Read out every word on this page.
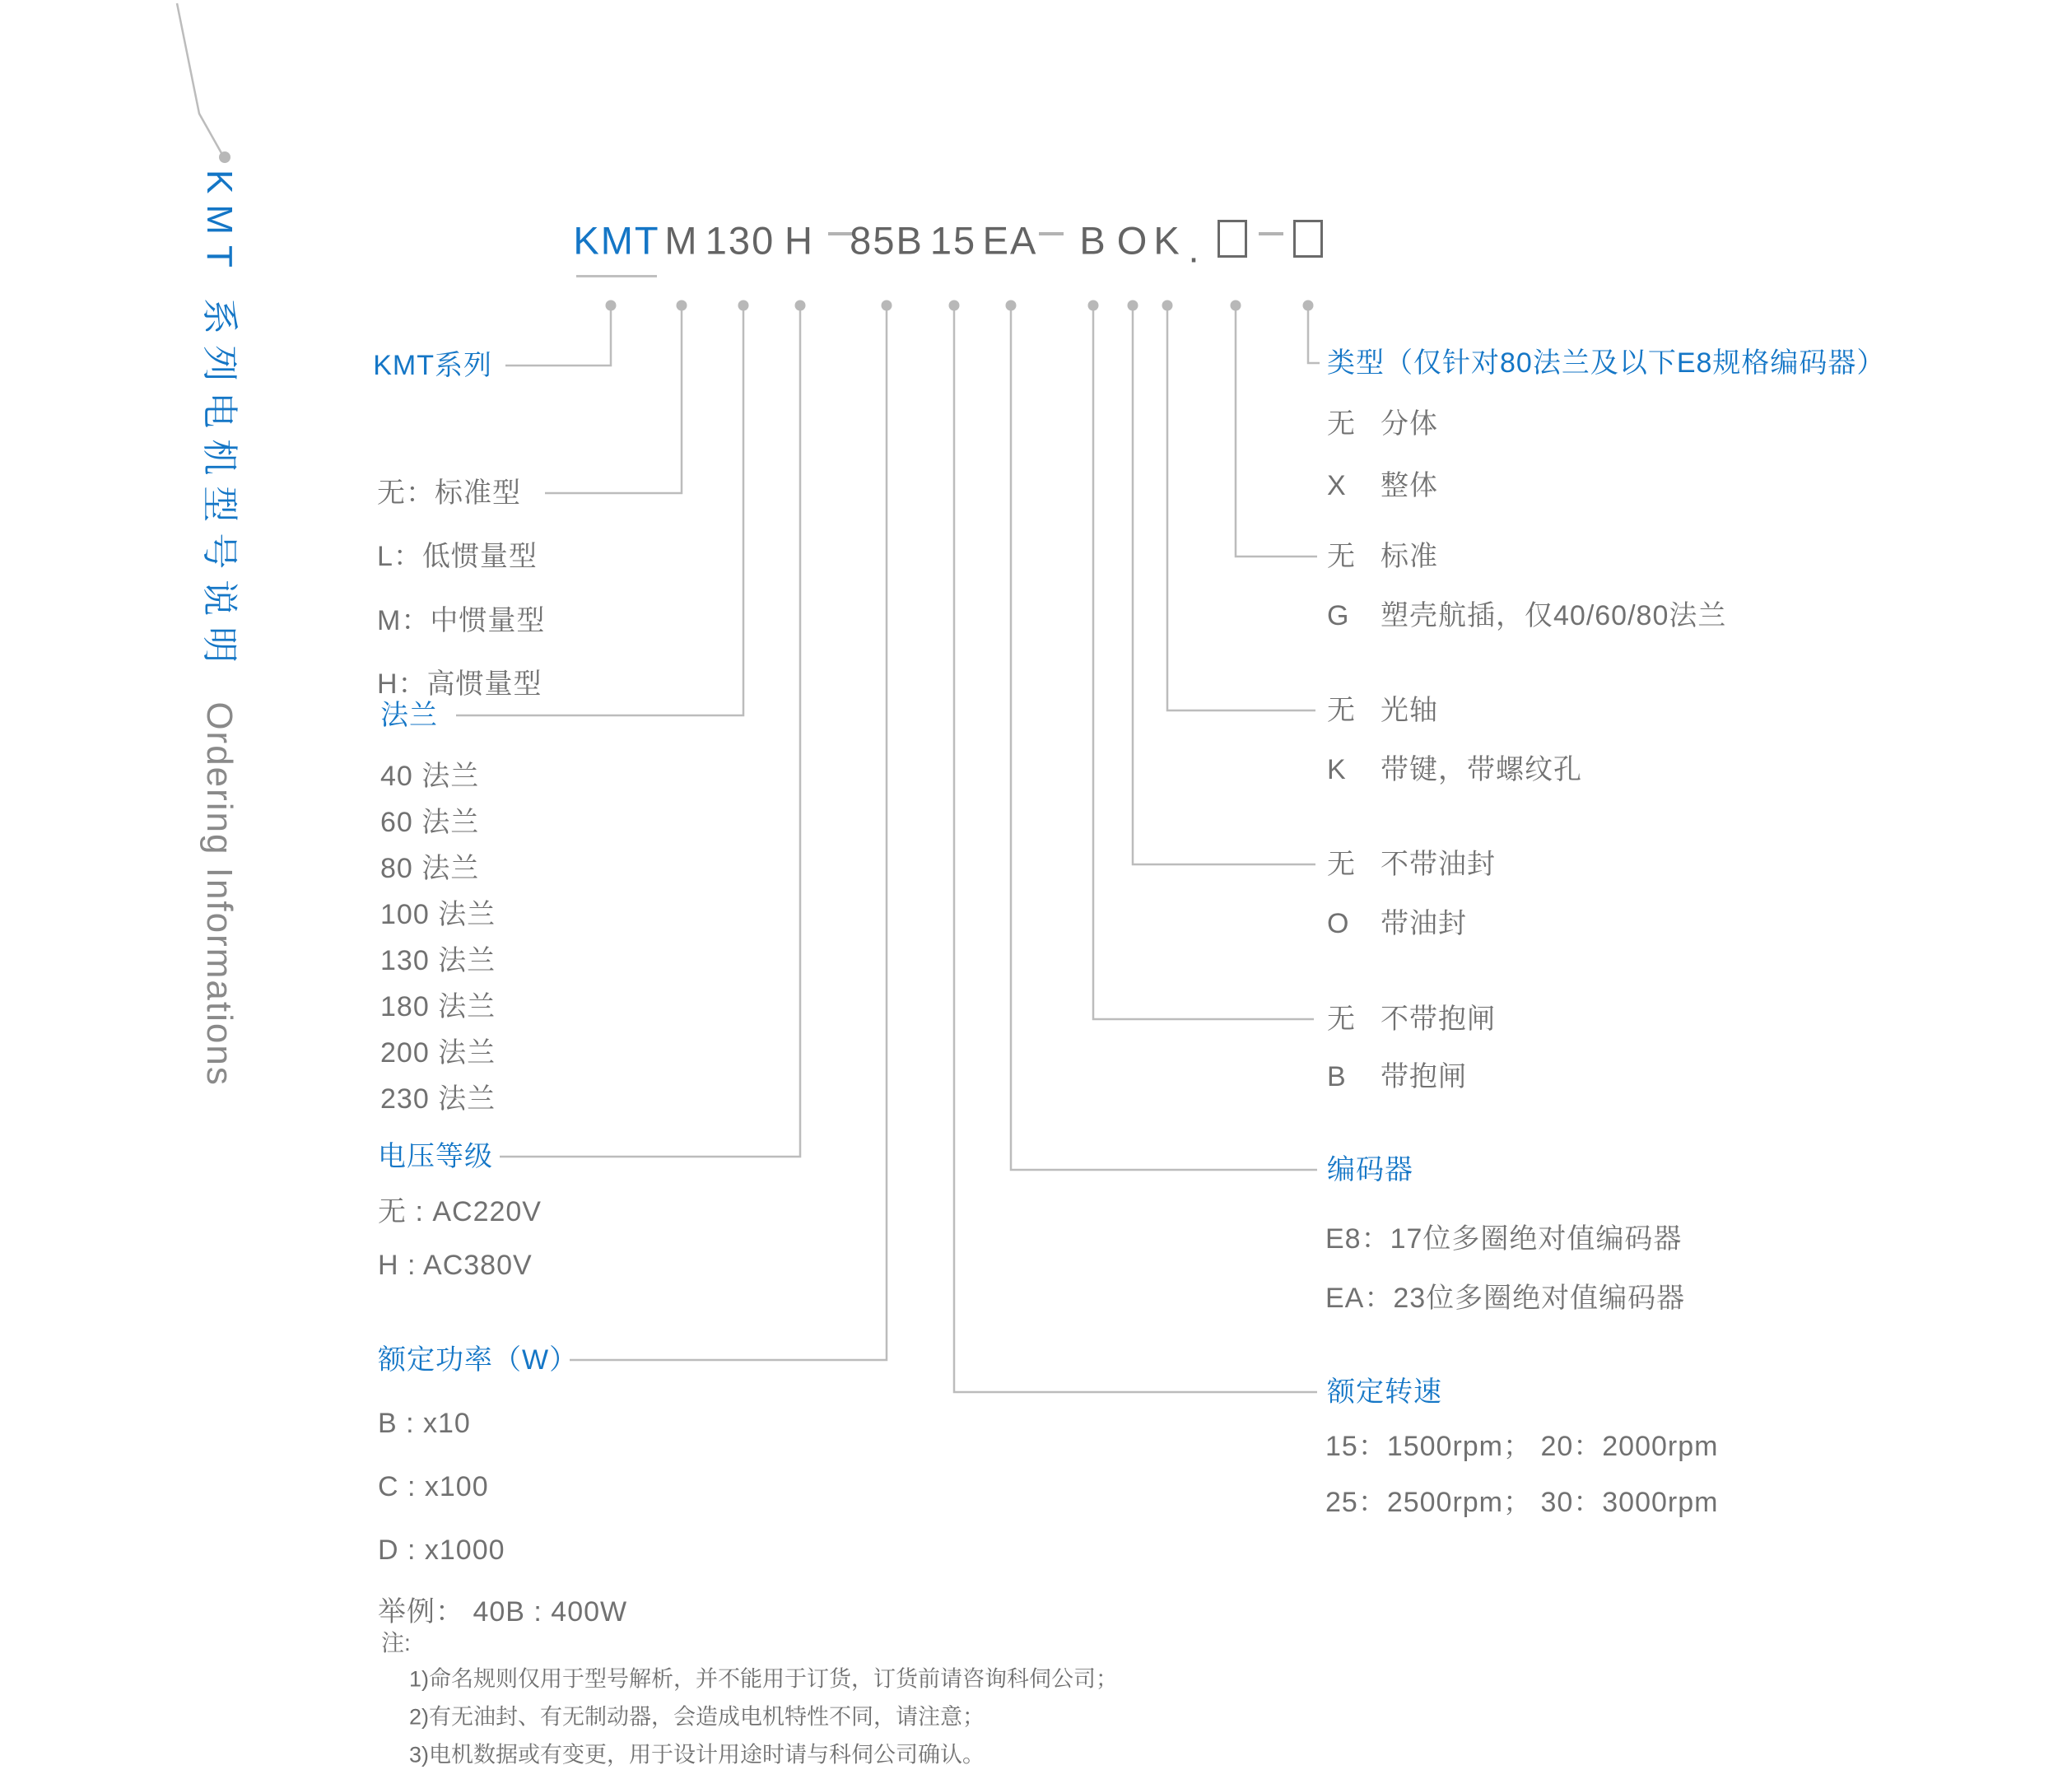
KMT 系列电机型号说明Ordering Informations
KMT M 130 H 85B 15 EA B O K .
KMT系列
无：标准型
L：低惯量型
M：中惯量型
H：高惯量型
法兰
40 法兰
60 法兰
80 法兰
100 法兰
130 法兰
180 法兰
200 法兰
230 法兰
电压等级
无 : AC220V
H : AC380V
额定功率（W）
B : x10
C : x100
D : x1000
举例： 40B : 400W
注:
1)命名规则仅用于型号解析，并不能用于订货，订货前请咨询科伺公司；
2)有无油封、有无制动器，会造成电机特性不同，请注意；
3)电机数据或有变更，用于设计用途时请与科伺公司确认。
类型（仅针对80法兰及以下E8规格编码器）
无 分体
X 整体
无 标准
G 塑壳航插，仅40/60/80法兰
无 光轴
K 带键，带螺纹孔
无 不带油封
O 带油封
无 不带抱闸
B 带抱闸
编码器
E8：17位多圈绝对值编码器
EA：23位多圈绝对值编码器
额定转速
15：1500rpm； 20：2000rpm
25：2500rpm； 30：3000rpm
